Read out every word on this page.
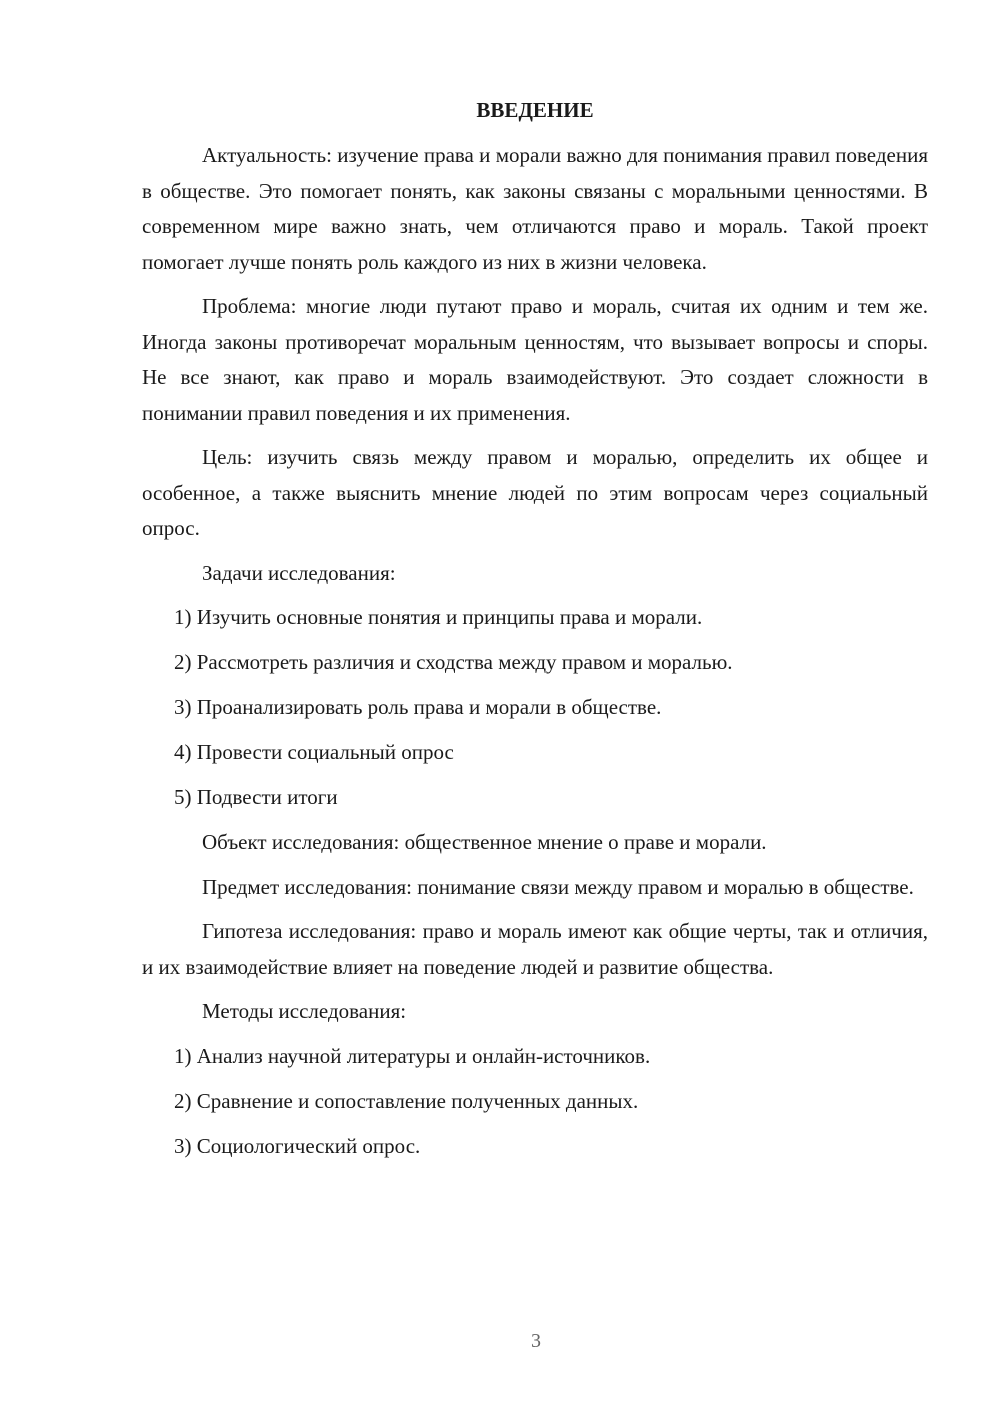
ВВЕДЕНИЕ

Актуальность: изучение права и морали важно для понимания правил поведения в обществе. Это помогает понять, как законы связаны с моральными ценностями. В современном мире важно знать, чем отличаются право и мораль. Такой проект помогает лучше понять роль каждого из них в жизни человека.

Проблема: многие люди путают право и мораль, считая их одним и тем же. Иногда законы противоречат моральным ценностям, что вызывает вопросы и споры. Не все знают, как право и мораль взаимодействуют. Это создает сложности в понимании правил поведения и их применения.

Цель: изучить связь между правом и моралью, определить их общее и особенное, а также выяснить мнение людей по этим вопросам через социальный опрос.

Задачи исследования:

1) Изучить основные понятия и принципы права и морали.
2) Рассмотреть различия и сходства между правом и моралью.
3) Проанализировать роль права и морали в обществе.
4) Провести социальный опрос
5) Подвести итоги

Объект исследования: общественное мнение о праве и морали.

Предмет исследования: понимание связи между правом и моралью в обществе.

Гипотеза исследования: право и мораль имеют как общие черты, так и отличия, и их взаимодействие влияет на поведение людей и развитие общества.

Методы исследования:

1) Анализ научной литературы и онлайн-источников.
2) Сравнение и сопоставление полученных данных.
3) Социологический опрос.
3
